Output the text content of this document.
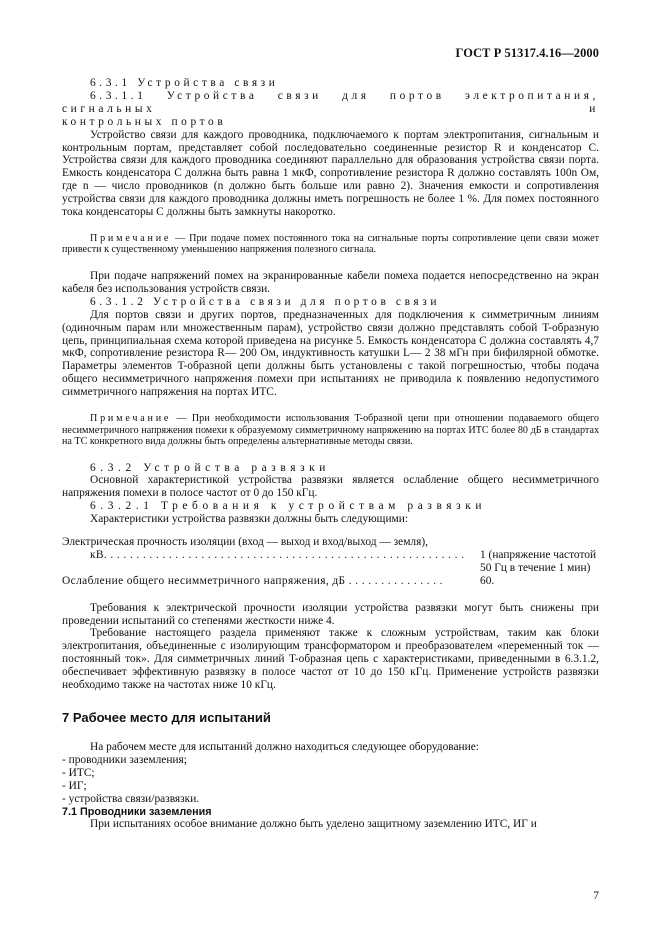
ГОСТ Р 51317.4.16—2000

6.3.1 Устройства связи

6.3.1.1 Устройства связи для портов электропитания, сигнальных и

контрольных портов

Устройство связи для каждого проводника, подключаемого к портам электропитания, сигнальным и контрольным портам, представляет собой последовательно соединенные резистор R и конденсатор C. Устройства связи для каждого проводника соединяют параллельно для образования устройства связи порта. Емкость конденсатора C должна быть равна 1 мкФ, сопротивление резистора R должно составлять 100n Ом, где n — число проводников (n должно быть больше или равно 2). Значения емкости и сопротивления устройства связи для каждого проводника должны иметь погрешность не более 1 %. Для помех постоянного тока конденсаторы C должны быть замкнуты накоротко.

Примечание — При подаче помех постоянного тока на сигнальные порты сопротивление цепи связи может привести к существенному уменьшению напряжения полезного сигнала.

При подаче напряжений помех на экранированные кабели помеха подается непосредственно на экран кабеля без использования устройств связи.

6.3.1.2 Устройства связи для портов связи

Для портов связи и других портов, предназначенных для подключения к симметричным линиям (одиночным парам или множественным парам), устройство связи должно представлять собой T-образную цепь, принципиальная схема которой приведена на рисунке 5. Емкость конденсатора C должна составлять 4,7 мкФ, сопротивление резистора R— 200 Ом, индуктивность катушки L— 2 38 мГн при бифилярной обмотке. Параметры элементов T-образной цепи должны быть установлены с такой погрешностью, чтобы подача общего несимметричного напряжения помехи при испытаниях не приводила к появлению недопустимого симметричного напряжения на портах ИТС.

Примечание — При необходимости использования T-образной цепи при отношении подаваемого общего несимметричного напряжения помехи к образуемому симметричному напряжению на портах ИТС более 80 дБ в стандартах на ТС конкретного вида должны быть определены альтернативные методы связи.

6.3.2 Устройства развязки

Основной характеристикой устройства развязки является ослабление общего несимметричного напряжения помехи в полосе частот от 0 до 150 кГц.

6.3.2.1 Требования к устройствам развязки

Характеристики устройства развязки должны быть следующими:

Электрическая прочность изоляции (вход — выход и вход/выход — земля),
кВ. . . . . . . . . . . . . . . . . . . . . . . . . . . . . . . . . . . . . . . . . . . . . . . . . . . . . . . .	1 (напряжение частотой
50 Гц в течение 1 мин)
Ослабление общего несимметричного напряжения, дБ . . . . . . . . . . . . . . .	60.

Требования к электрической прочности изоляции устройства развязки могут быть снижены при проведении испытаний со степенями жесткости ниже 4.

Требование настоящего раздела применяют также к сложным устройствам, таким как блоки электропитания, объединенные с изолирующим трансформатором и преобразователем «переменный ток — постоянный ток». Для симметричных линий T-образная цепь с характеристиками, приведенными в 6.3.1.2, обеспечивает эффективную развязку в полосе частот от 10 до 150 кГц. Применение устройств развязки необходимо также на частотах ниже 10 кГц.

7 Рабочее место для испытаний

На рабочем месте для испытаний должно находиться следующее оборудование:

- проводники заземления;
- ИТС;
- ИГ;
- устройства связи/развязки.
7.1 Проводники заземления

При испытаниях особое внимание должно быть уделено защитному заземлению ИТС, ИГ и

7
